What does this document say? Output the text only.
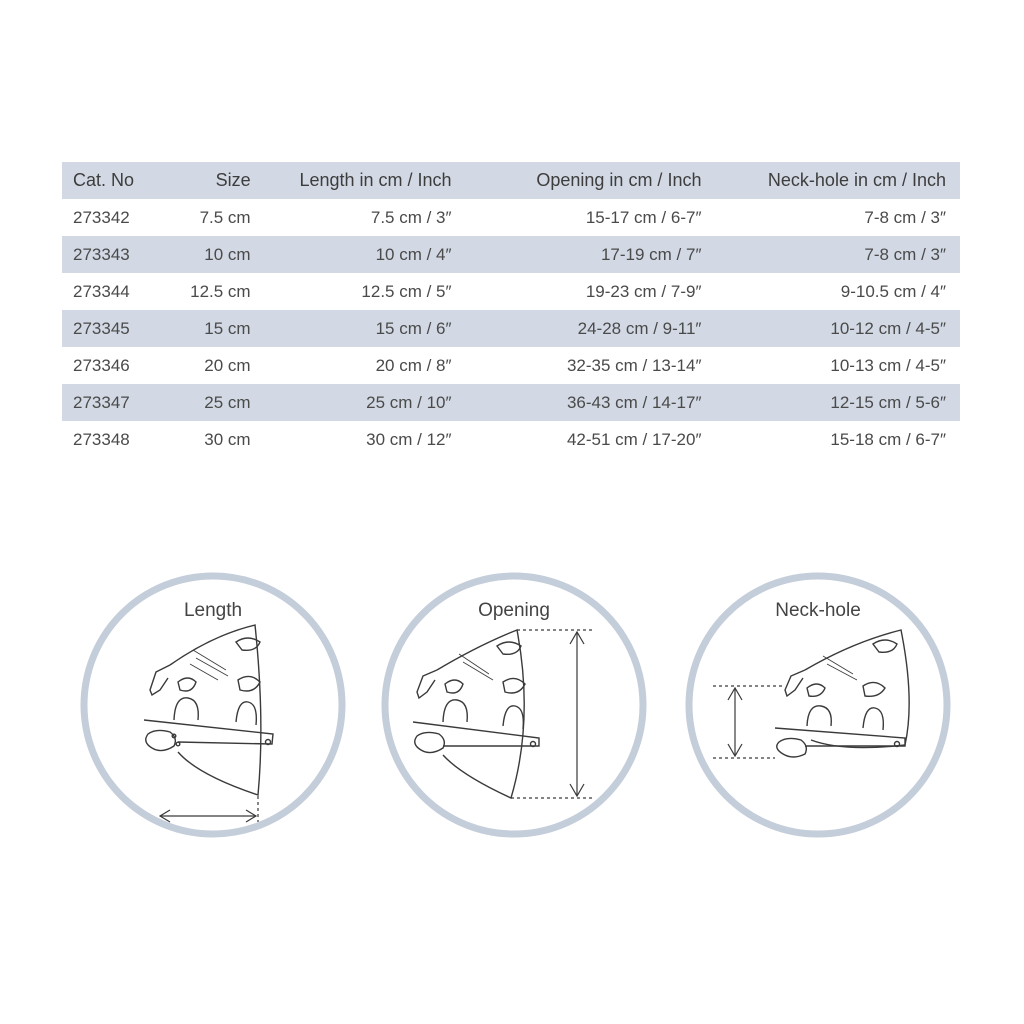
Cat. No	Size	Length in cm / Inch	Opening in cm / Inch	Neck-hole in cm / Inch
273342	7.5 cm	7.5 cm / 3″	15-17 cm / 6-7″	7-8 cm / 3″
273343	10 cm	10 cm / 4″	17-19 cm / 7″	7-8 cm / 3″
273344	12.5 cm	12.5 cm / 5″	19-23 cm / 7-9″	9-10.5 cm / 4″
273345	15 cm	15 cm / 6″	24-28 cm / 9-11″	10-12 cm / 4-5″
273346	20 cm	20 cm / 8″	32-35 cm / 13-14″	10-13 cm / 4-5″
273347	25 cm	25 cm / 10″	36-43 cm / 14-17″	12-15 cm / 5-6″
273348	30 cm	30 cm / 12″	42-51 cm / 17-20″	15-18 cm / 6-7″
Length	Opening	Neck-hole
